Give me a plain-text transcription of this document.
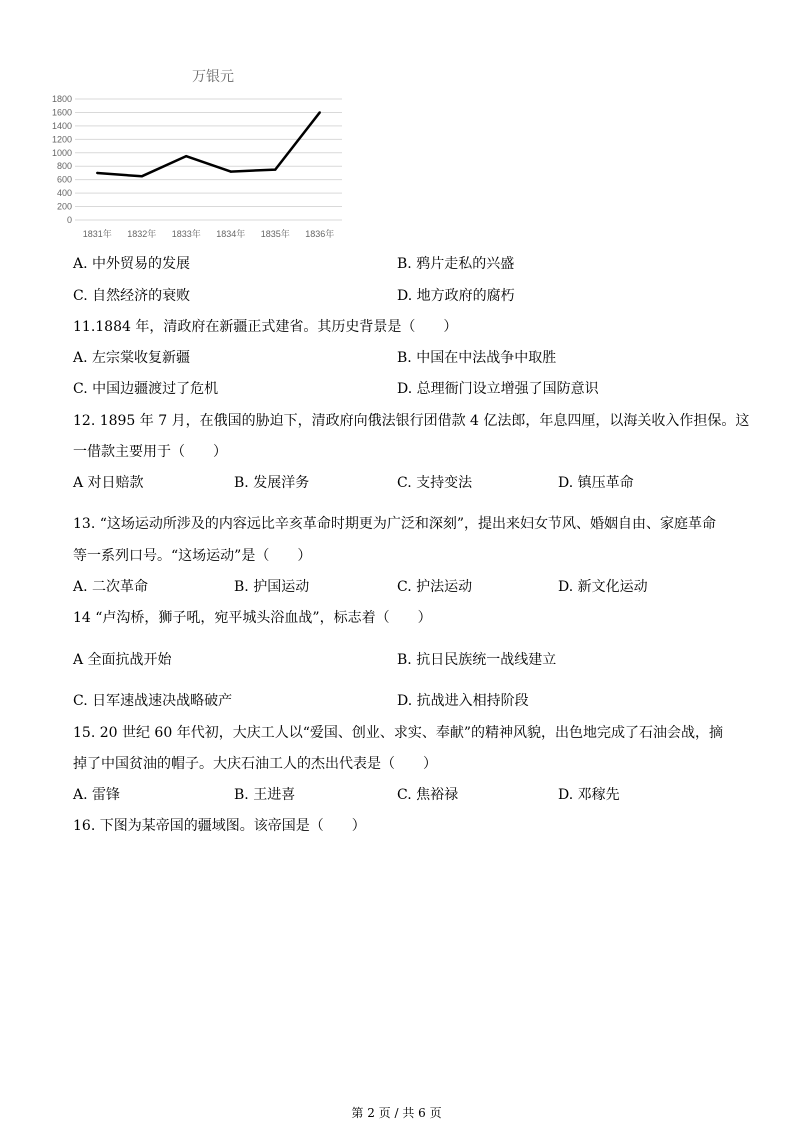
万银元
0
200
400
600
800
1000
1200
1400
1600
1800
1831年 1832年 1833年 1834年 1835年 1836年
A. 中外贸易的发展	B. 鸦片走私的兴盛
C. 自然经济的衰败	D. 地方政府的腐朽
11.1884 年，清政府在新疆正式建省。其历史背景是（　　）
A. 左宗棠收复新疆	B. 中国在中法战争中取胜
C. 中国边疆渡过了危机	D. 总理衙门设立增强了国防意识
12. 1895 年 7 月，在俄国的胁迫下，清政府向俄法银行团借款 4 亿法郎，年息四厘，以海关收入作担保。这
一借款主要用于（　　）
A 对日赔款	B. 发展洋务	C. 支持变法	D. 镇压革命
13. “这场运动所涉及的内容远比辛亥革命时期更为广泛和深刻”，提出来妇女节风、婚姻自由、家庭革命
等一系列口号。“这场运动”是（　　）
A. 二次革命	B. 护国运动	C. 护法运动	D. 新文化运动
14 “卢沟桥，狮子吼，宛平城头浴血战”，标志着（　　）
A 全面抗战开始	B. 抗日民族统一战线建立
C. 日军速战速决战略破产	D. 抗战进入相持阶段
15. 20 世纪 60 年代初，大庆工人以“爱国、创业、求实、奉献”的精神风貌，出色地完成了石油会战，摘
掉了中国贫油的帽子。大庆石油工人的杰出代表是（　　）
A. 雷锋	B. 王进喜	C. 焦裕禄	D. 邓稼先
16. 下图为某帝国的疆域图。该帝国是（　　）
第 2 页 / 共 6 页
